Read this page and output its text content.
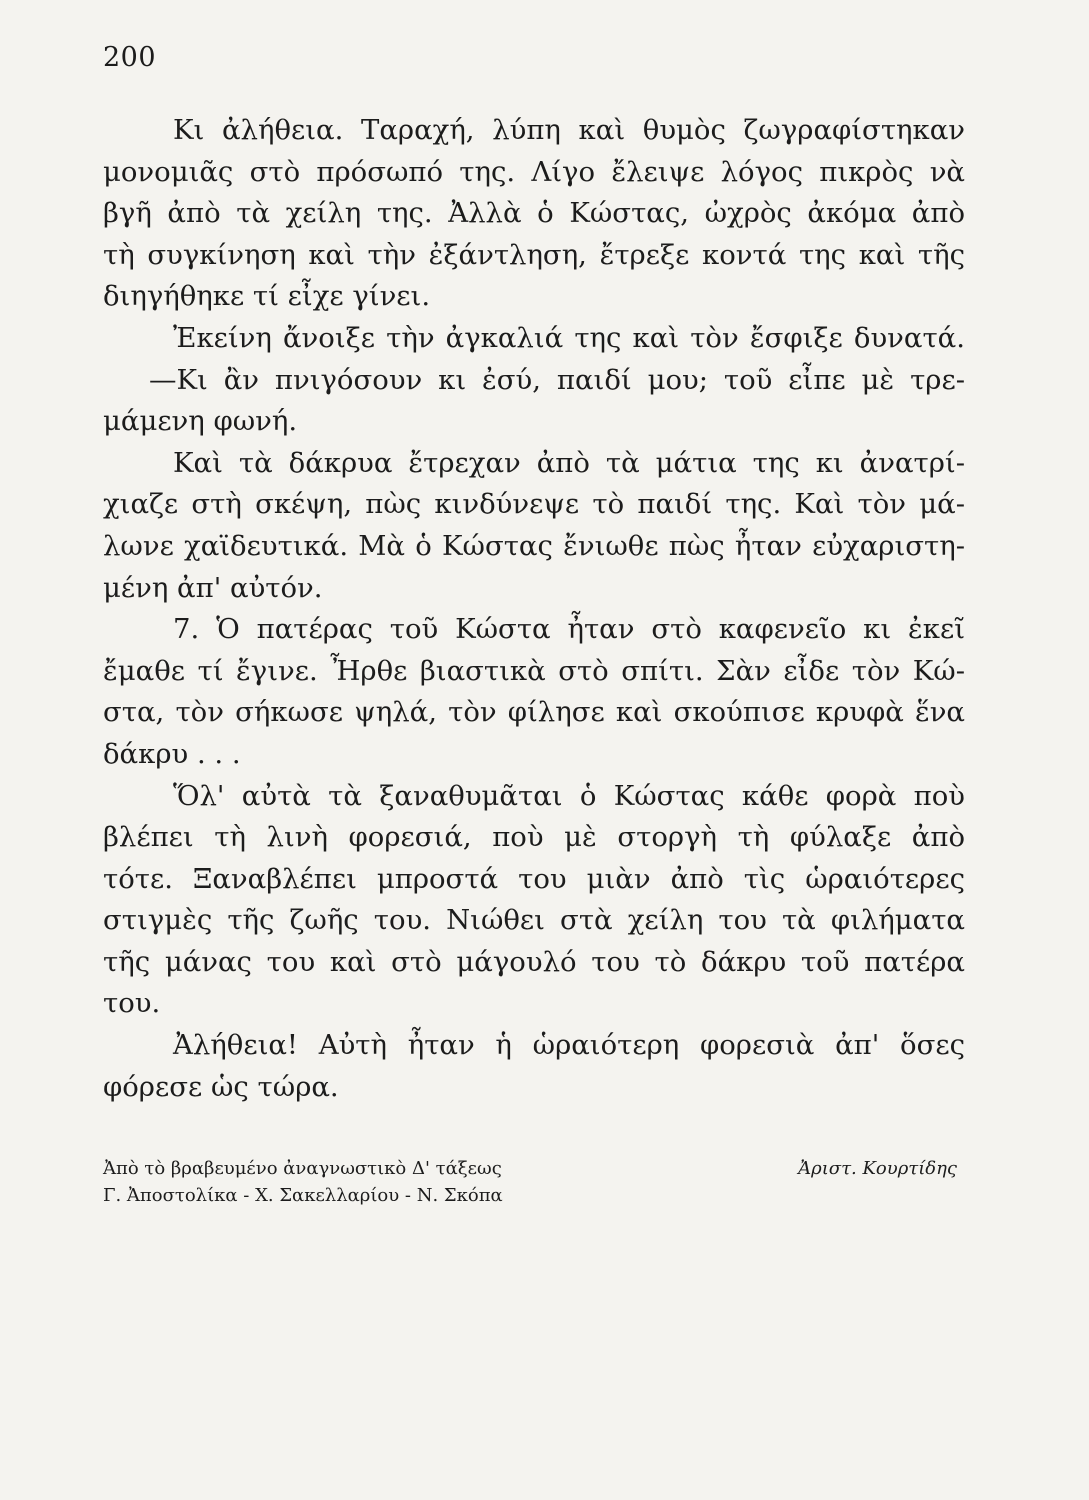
200
Κι ἀλήθεια. Ταραχή, λύπη καὶ θυμὸς ζωγραφίστηκαν
μονομιᾶς στὸ πρόσωπό της. Λίγο ἔλειψε λόγος πικρὸς νὰ
βγῆ ἀπὸ τὰ χείλη της. Ἀλλὰ ὁ Κώστας, ὠχρὸς ἀκόμα ἀπὸ
τὴ συγκίνηση καὶ τὴν ἐξάντληση, ἔτρεξε κοντά της καὶ τῆς
διηγήθηκε τί εἶχε γίνει.
Ἐκείνη ἄνοιξε τὴν ἀγκαλιά της καὶ τὸν ἔσφιξε δυνατά.
—Κι ἂν πνιγόσουν κι ἐσύ, παιδί μου; τοῦ εἶπε μὲ τρε-
μάμενη φωνή.
Καὶ τὰ δάκρυα ἔτρεχαν ἀπὸ τὰ μάτια της κι ἀνατρί-
χιαζε στὴ σκέψη, πὼς κινδύνεψε τὸ παιδί της. Καὶ τὸν μά-
λωνε χαϊδευτικά. Μὰ ὁ Κώστας ἔνιωθε πὼς ἦταν εὐχαριστη-
μένη ἀπ' αὐτόν.
7. Ὁ πατέρας τοῦ Κώστα ἦταν στὸ καφενεῖο κι ἐκεῖ
ἔμαθε τί ἔγινε. Ἦρθε βιαστικὰ στὸ σπίτι. Σὰν εἶδε τὸν Κώ-
στα, τὸν σήκωσε ψηλά, τὸν φίλησε καὶ σκούπισε κρυφὰ ἕνα
δάκρυ . . .
Ὅλ' αὐτὰ τὰ ξαναθυμᾶται ὁ Κώστας κάθε φορὰ ποὺ
βλέπει τὴ λινὴ φορεσιά, ποὺ μὲ στοργὴ τὴ φύλαξε ἀπὸ
τότε. Ξαναβλέπει μπροστά του μιὰν ἀπὸ τὶς ὡραιότερες
στιγμὲς τῆς ζωῆς του. Νιώθει στὰ χείλη του τὰ φιλήματα
τῆς μάνας του καὶ στὸ μάγουλό του τὸ δάκρυ τοῦ πατέρα
του.
Ἀλήθεια! Αὐτὴ ἦταν ἡ ὡραιότερη φορεσιὰ ἀπ' ὅσες
φόρεσε ὡς τώρα.
Ἀπὸ τὸ βραβευμένο ἀναγνωστικὸ Δ' τάξεως
Γ. Ἀποστολίκα - Χ. Σακελλαρίου - Ν. Σκόπα
Ἀριστ. Κουρτίδης
